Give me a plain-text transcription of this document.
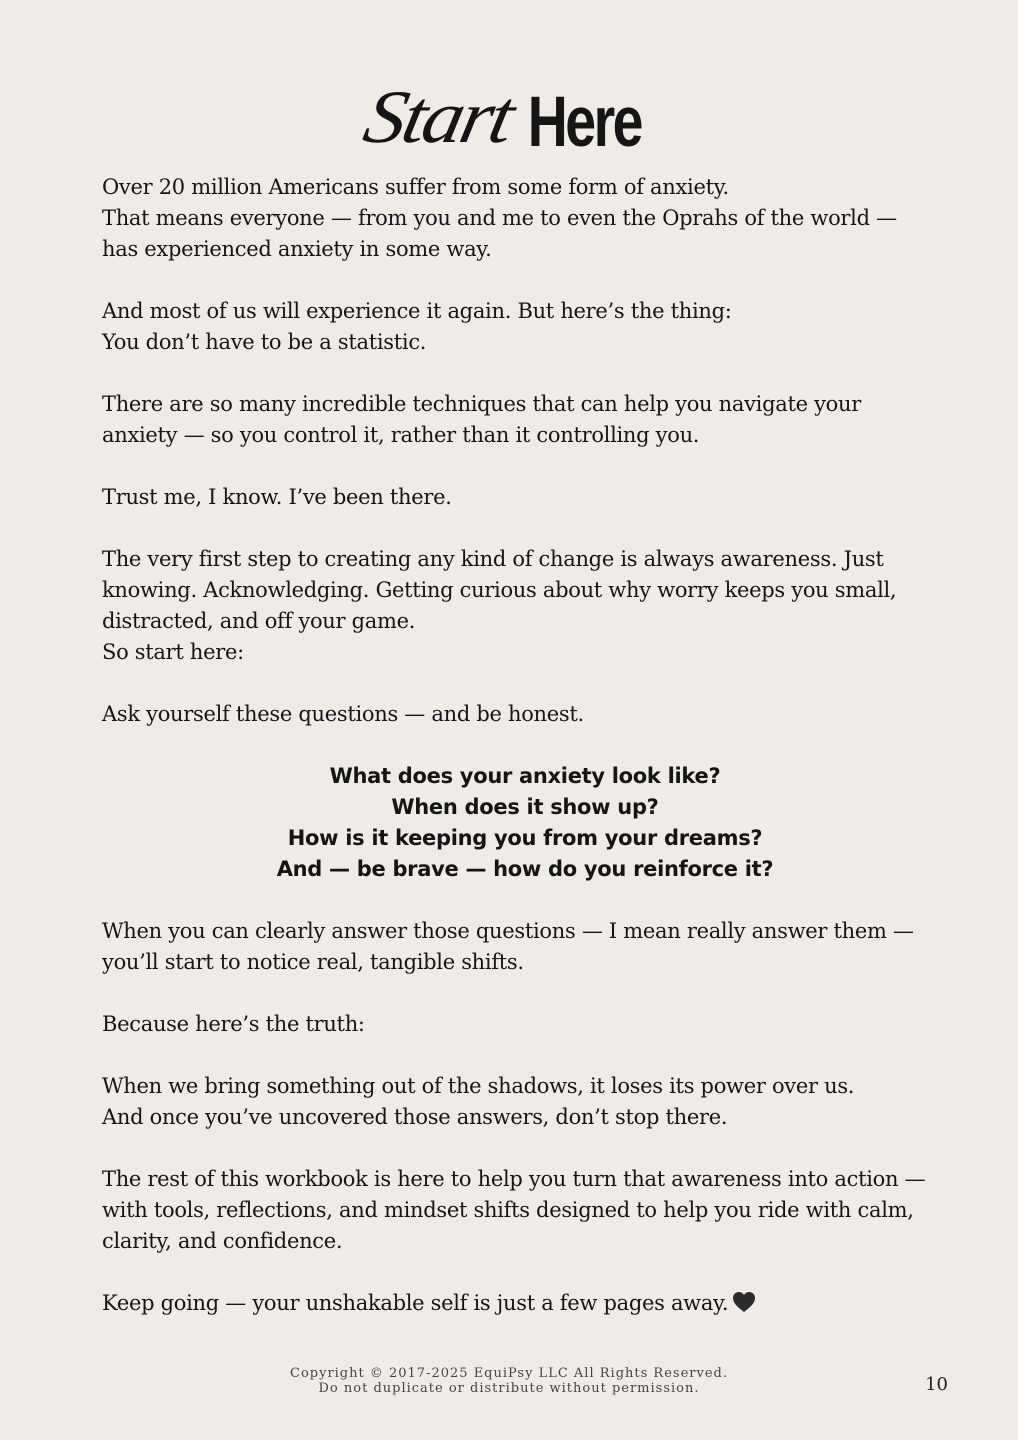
Start Here

Over 20 million Americans suffer from some form of anxiety.
That means everyone — from you and me to even the Oprahs of the world —
has experienced anxiety in some way.

And most of us will experience it again. But here’s the thing:
You don’t have to be a statistic.

There are so many incredible techniques that can help you navigate your
anxiety — so you control it, rather than it controlling you.

Trust me, I know. I’ve been there.

The very first step to creating any kind of change is always awareness. Just
knowing. Acknowledging. Getting curious about why worry keeps you small,
distracted, and off your game.
So start here:

Ask yourself these questions — and be honest.

What does your anxiety look like?
When does it show up?
How is it keeping you from your dreams?
And — be brave — how do you reinforce it?

When you can clearly answer those questions — I mean really answer them —
you’ll start to notice real, tangible shifts.

Because here’s the truth:

When we bring something out of the shadows, it loses its power over us.
And once you’ve uncovered those answers, don’t stop there.

The rest of this workbook is here to help you turn that awareness into action —
with tools, reflections, and mindset shifts designed to help you ride with calm,
clarity, and confidence.

Keep going — your unshakable self is just a few pages away.

Copyright © 2017-2025 EquiPsy LLC All Rights Reserved.
Do not duplicate or distribute without permission.	10
